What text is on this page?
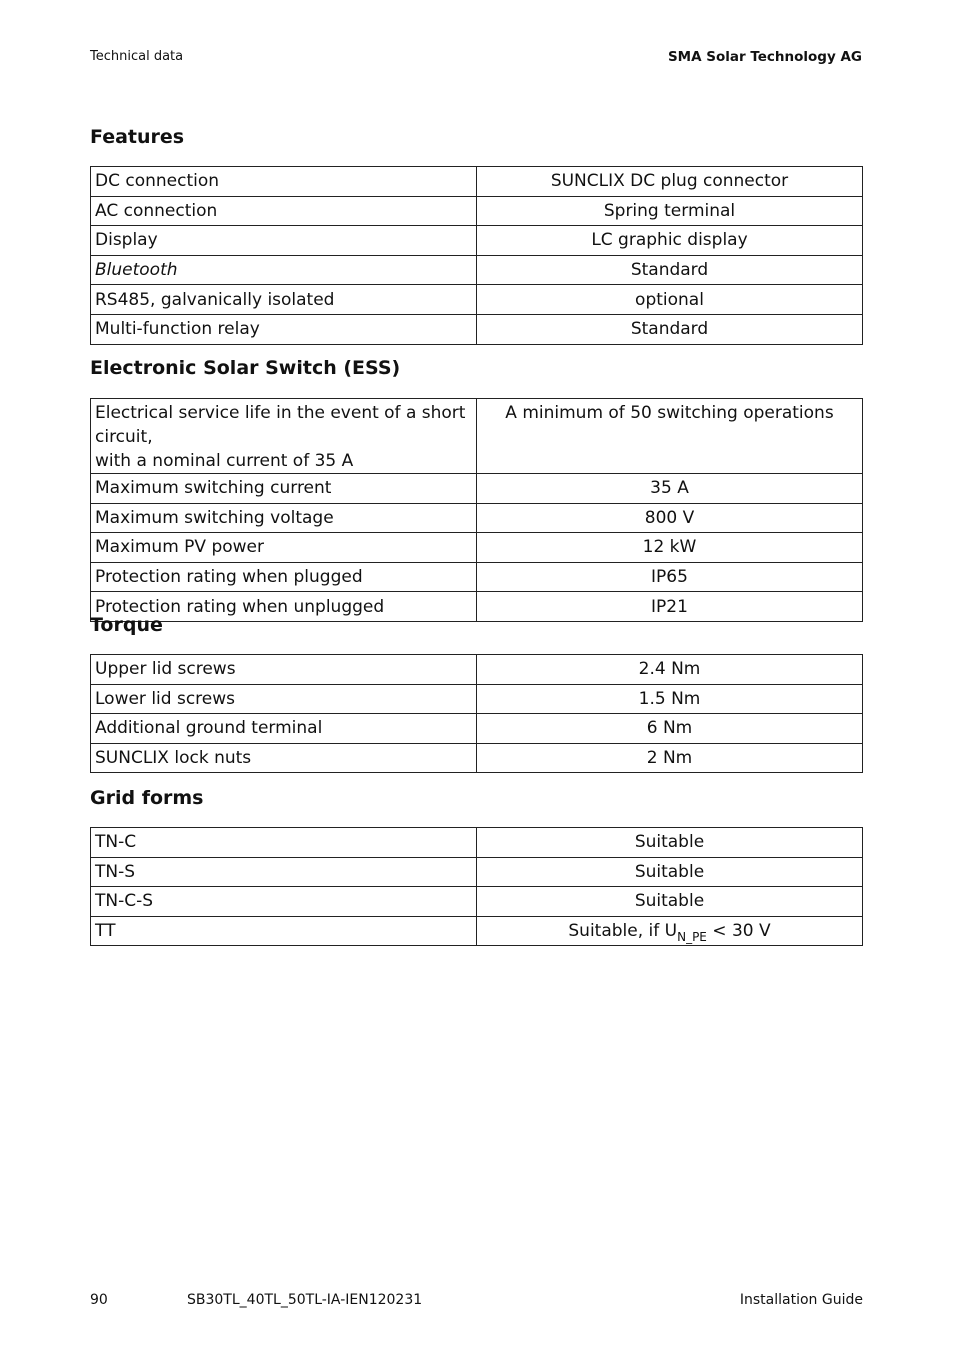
Technical data	SMA Solar Technology AG
Features
DC connection	SUNCLIX DC plug connector
AC connection	Spring terminal
Display	LC graphic display
Bluetooth	Standard
RS485, galvanically isolated	optional
Multi-function relay	Standard
Electronic Solar Switch (ESS)
Electrical service life in the event of a short circuit,
with a nominal current of 35 A	A minimum of 50 switching operations
Maximum switching current	35 A
Maximum switching voltage	800 V
Maximum PV power	12 kW
Protection rating when plugged	IP65
Protection rating when unplugged	IP21
Torque
Upper lid screws	2.4 Nm
Lower lid screws	1.5 Nm
Additional ground terminal	6 Nm
SUNCLIX lock nuts	2 Nm
Grid forms
TN-C	Suitable
TN-S	Suitable
TN-C-S	Suitable
TT	Suitable, if $U_{N\_PE} < 30$ V
90	SB30TL_40TL_50TL-IA-IEN120231	Installation Guide
